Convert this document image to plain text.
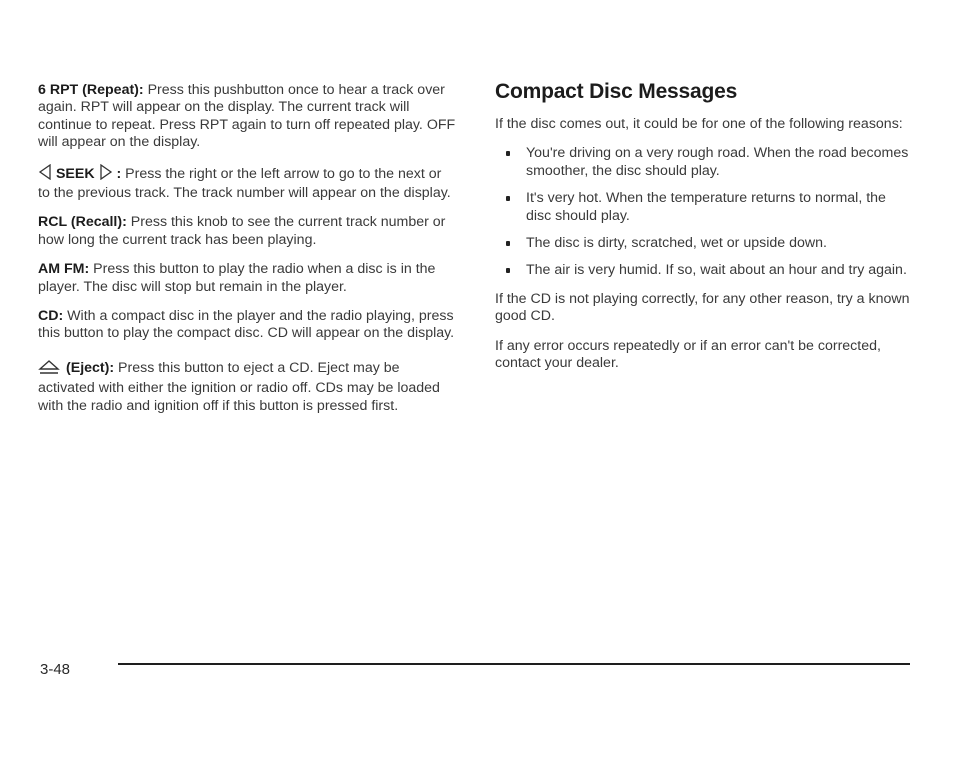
6 RPT (Repeat): Press this pushbutton once to hear a track over again. RPT will appear on the display. The current track will continue to repeat. Press RPT again to turn off repeated play. OFF will appear on the display.

SEEK  : Press the right or the left arrow to go to the next or to the previous track. The track number will appear on the display.

RCL (Recall): Press this knob to see the current track number or how long the current track has been playing.

AM FM: Press this button to play the radio when a disc is in the player. The disc will stop but remain in the player.

CD: With a compact disc in the player and the radio playing, press this button to play the compact disc. CD will appear on the display.

(Eject): Press this button to eject a CD. Eject may be activated with either the ignition or radio off. CDs may be loaded with the radio and ignition off if this button is pressed first.

Compact Disc Messages

If the disc comes out, it could be for one of the following reasons:

You're driving on a very rough road. When the road becomes smoother, the disc should play.
It's very hot. When the temperature returns to normal, the disc should play.
The disc is dirty, scratched, wet or upside down.
The air is very humid. If so, wait about an hour and try again.

If the CD is not playing correctly, for any other reason, try a known good CD.

If any error occurs repeatedly or if an error can't be corrected, contact your dealer.

3-48
